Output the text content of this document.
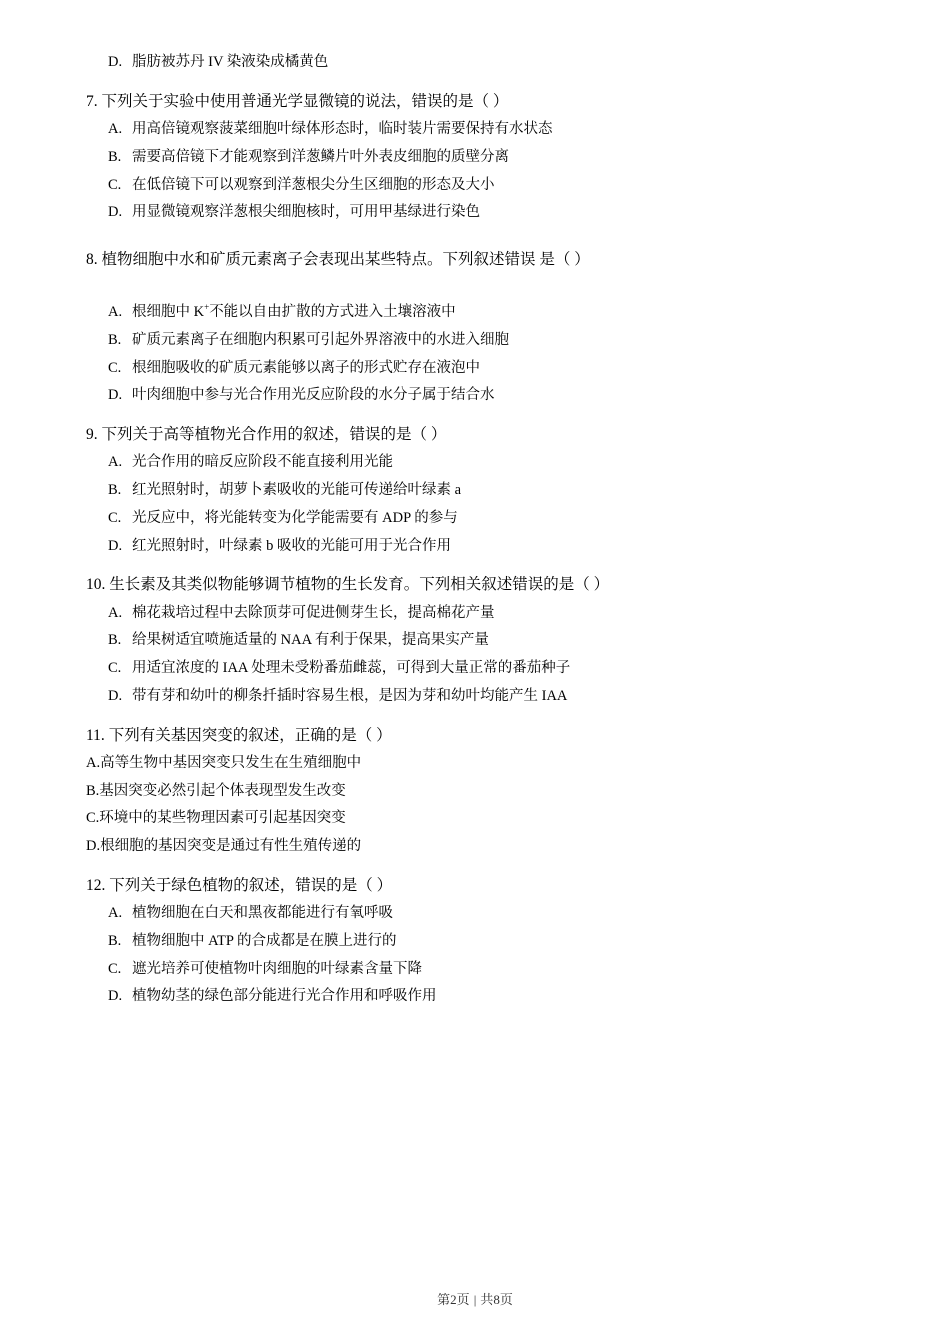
D. 脂肪被苏丹 IV 染液染成橘黄色

7. 下列关于实验中使用普通光学显微镜的说法，错误的是（ ）

A. 用高倍镜观察菠菜细胞叶绿体形态时，临时装片需要保持有水状态
B. 需要高倍镜下才能观察到洋葱鳞片叶外表皮细胞的质壁分离
C. 在低倍镜下可以观察到洋葱根尖分生区细胞的形态及大小
D. 用显微镜观察洋葱根尖细胞核时，可用甲基绿进行染色

8. 植物细胞中水和矿质元素离子会表现出某些特点。下列叙述错误 是（ ）

A. 根细胞中 K+不能以自由扩散的方式进入土壤溶液中
B. 矿质元素离子在细胞内积累可引起外界溶液中的水进入细胞
C. 根细胞吸收的矿质元素能够以离子的形式贮存在液泡中
D. 叶肉细胞中参与光合作用光反应阶段的水分子属于结合水

9. 下列关于高等植物光合作用的叙述，错误的是（ ）

A. 光合作用的暗反应阶段不能直接利用光能
B. 红光照射时，胡萝卜素吸收的光能可传递给叶绿素 a
C. 光反应中，将光能转变为化学能需要有 ADP 的参与
D. 红光照射时，叶绿素 b 吸收的光能可用于光合作用

10. 生长素及其类似物能够调节植物的生长发育。下列相关叙述错误的是（ ）

A. 棉花栽培过程中去除顶芽可促进侧芽生长，提高棉花产量
B. 给果树适宜喷施适量的 NAA 有利于保果，提高果实产量
C. 用适宜浓度的 IAA 处理未受粉番茄雌蕊，可得到大量正常的番茄种子
D. 带有芽和幼叶的柳条扦插时容易生根，是因为芽和幼叶均能产生 IAA

11. 下列有关基因突变的叙述，正确的是（ ）

A.高等生物中基因突变只发生在生殖细胞中
B.基因突变必然引起个体表现型发生改变
C.环境中的某些物理因素可引起基因突变
D.根细胞的基因突变是通过有性生殖传递的

12. 下列关于绿色植物的叙述，错误的是（ ）

A. 植物细胞在白天和黑夜都能进行有氧呼吸
B. 植物细胞中 ATP 的合成都是在膜上进行的
C. 遮光培养可使植物叶肉细胞的叶绿素含量下降
D. 植物幼茎的绿色部分能进行光合作用和呼吸作用
第2页 | 共8页
